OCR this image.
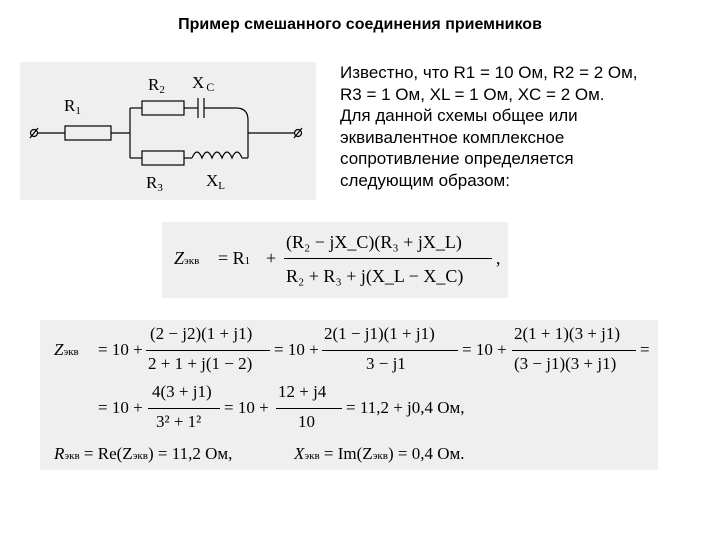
Пример смешанного соединения приемников
R1
R2 X C
R3	XL

Известно, что R1 = 10 Ом, R2 = 2 Ом,

R3 = 1 Ом, XL = 1 Ом, XC = 2 Ом.

Для данной схемы общее или

эквивалентное комплексное

сопротивление определяется

следующим образом:

Zэкв = R1 +
(R₂ − jX_C)(R₃ + jX_L)
R₂ + R₃ + j(X_L − X_C)
,
Zэкв = 10 +
(2 − j2)(1 + j1)
2 + 1 + j(1 − 2)
= 10 +
2(1 − j1)(1 + j1)
3 − j1
= 10 +
2(1 + 1)(3 + j1)
(3 − j1)(3 + j1)
=
= 10 +
4(3 + j1)
3² + 1²
= 10 +
12 + j4
10
= 11,2 + j0,4 Ом,
Rэкв = Re(Zэкв) = 11,2 Ом,	Xэкв = Im(Zэкв) = 0,4 Ом.
